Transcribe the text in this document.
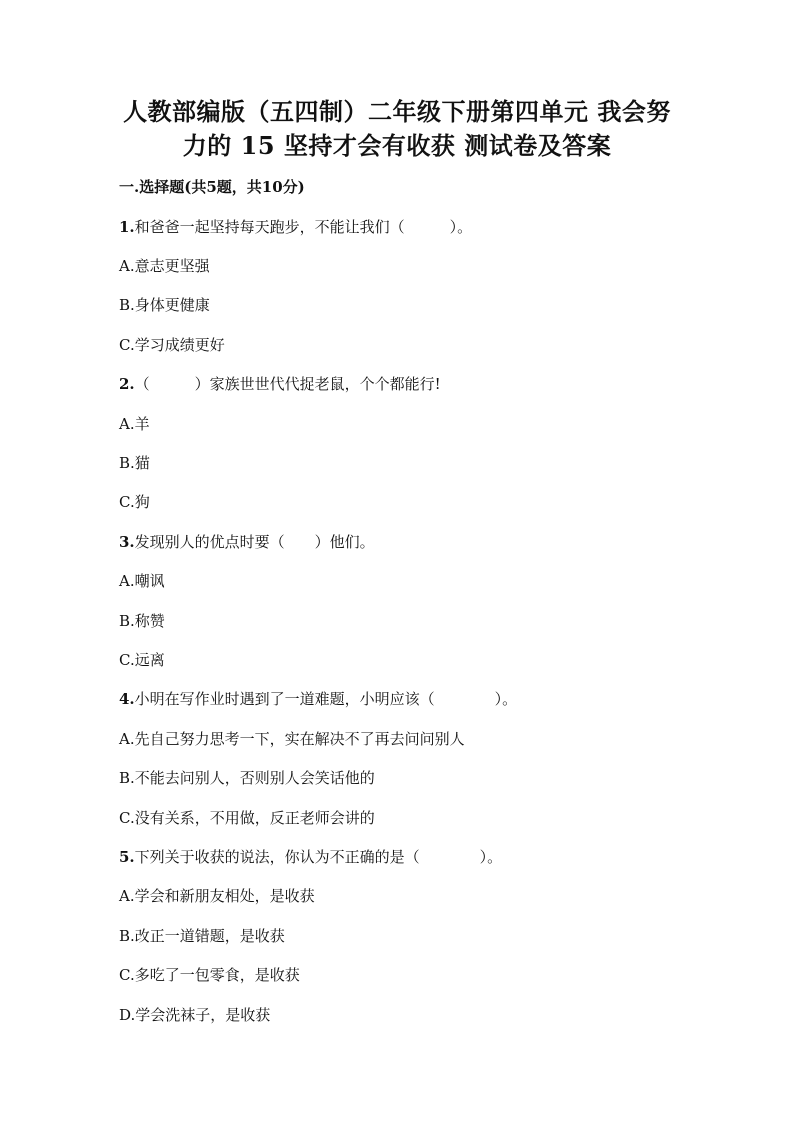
人教部编版（五四制）二年级下册第四单元 我会努
力的 15 坚持才会有收获 测试卷及答案
一.选择题(共5题，共10分)
1.和爸爸一起坚持每天跑步，不能让我们（　　　）。
A.意志更坚强
B.身体更健康
C.学习成绩更好
2.（　　　）家族世世代代捉老鼠，个个都能行!
A.羊
B.猫
C.狗
3.发现别人的优点时要（　　）他们。
A.嘲讽
B.称赞
C.远离
4.小明在写作业时遇到了一道难题，小明应该（　　　　）。
A.先自己努力思考一下，实在解决不了再去问问别人
B.不能去问别人，否则别人会笑话他的
C.没有关系，不用做，反正老师会讲的
5.下列关于收获的说法，你认为不正确的是（　　　　）。
A.学会和新朋友相处，是收获
B.改正一道错题，是收获
C.多吃了一包零食，是收获
D.学会洗袜子，是收获
